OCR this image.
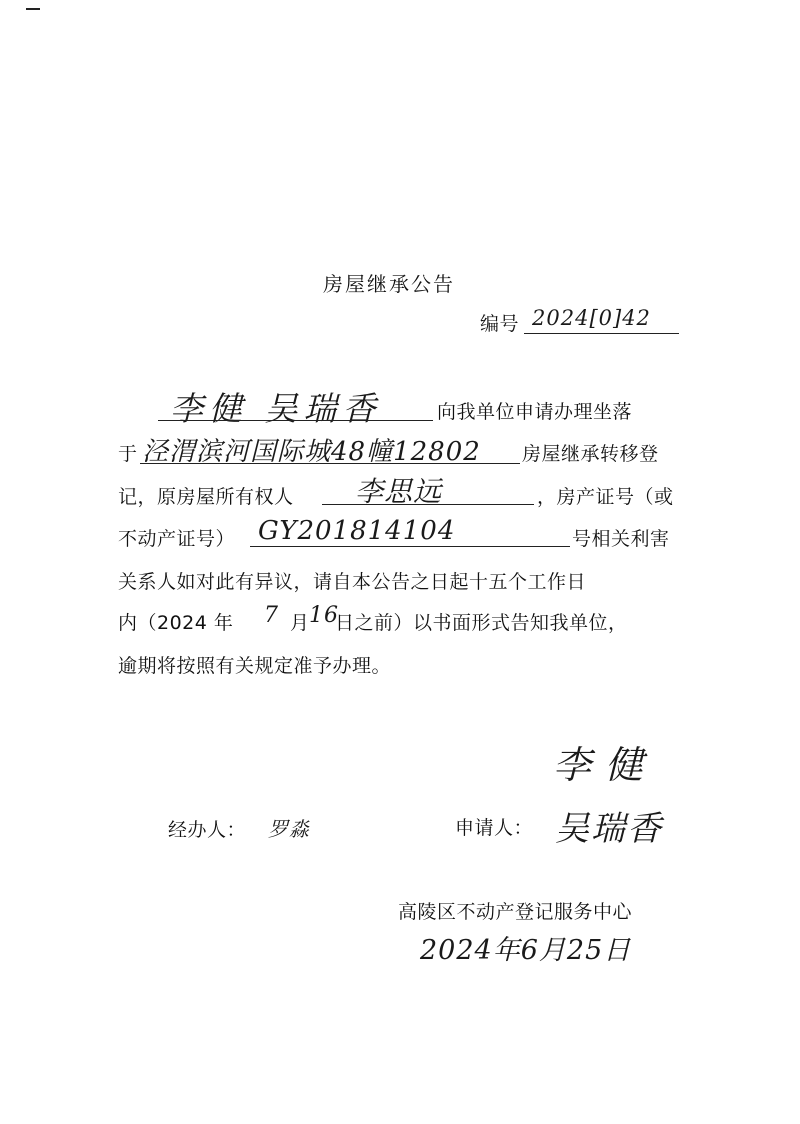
房屋继承公告
编号 2024[0]42
李健 吴瑞香	向我单位申请办理坐落
于 泾渭滨河国际城48幢12802 房屋继承转移登
记，原房屋所有权人 李思远	，房产证号（或
不动产证号） GY201814104	号相关利害
关系人如对此有异议，请自本公告之日起十五个工作日
内（2024 年 7 月 16
日之前）以书面形式告知我单位，
逾期将按照有关规定准予办理。
李健
经办人： 罗淼	申请人： 吴瑞香
高陵区不动产登记服务中心
2024年6月25日
